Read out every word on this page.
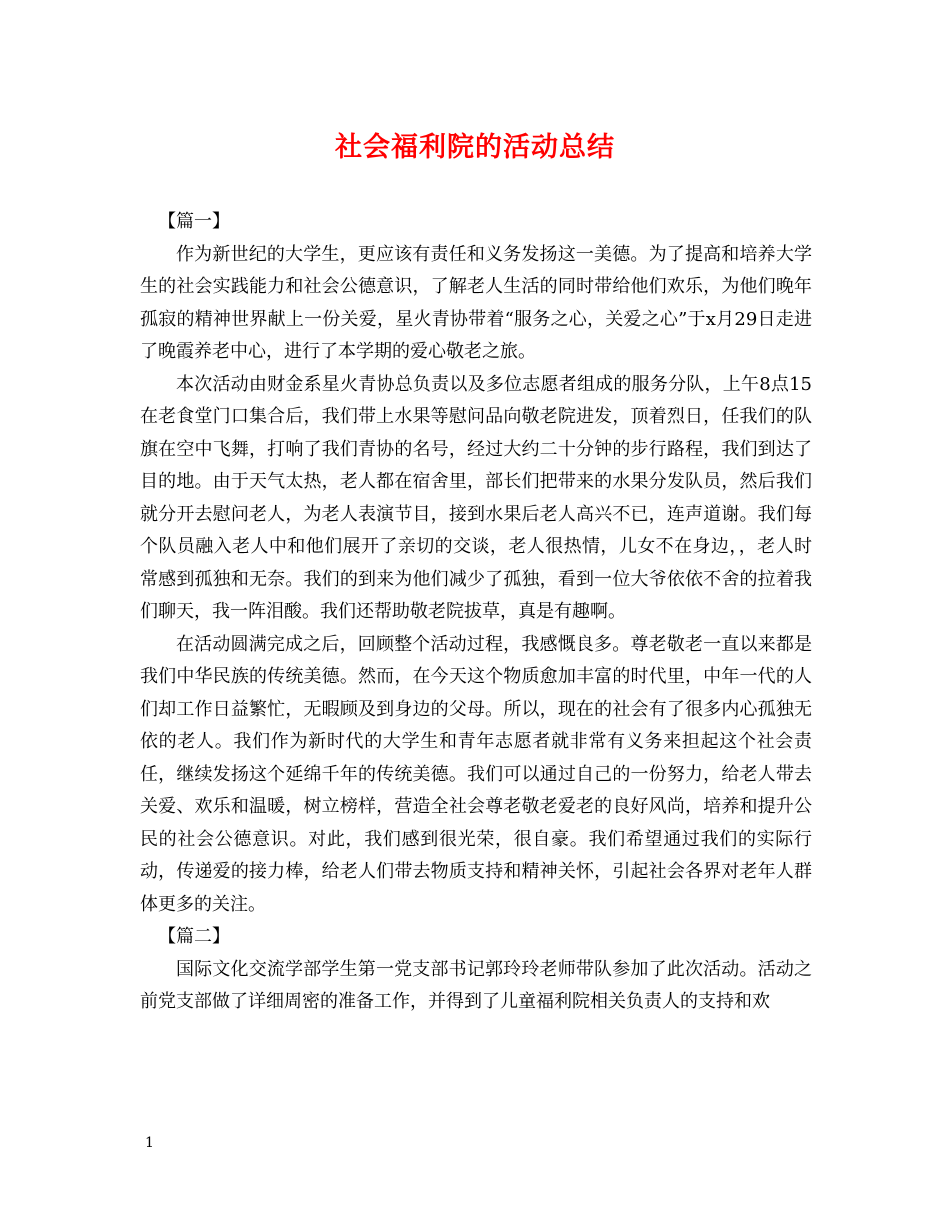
社会福利院的活动总结

【篇一】

作为新世纪的大学生，更应该有责任和义务发扬这一美德。为了提高和培养大学生的社会实践能力和社会公德意识，了解老人生活的同时带给他们欢乐，为他们晚年孤寂的精神世界献上一份关爱，星火青协带着“服务之心，关爱之心”于x月29日走进了晚霞养老中心，进行了本学期的爱心敬老之旅。

本次活动由财金系星火青协总负责以及多位志愿者组成的服务分队，上午8点15在老食堂门口集合后，我们带上水果等慰问品向敬老院进发，顶着烈日，任我们的队旗在空中飞舞，打响了我们青协的名号，经过大约二十分钟的步行路程，我们到达了目的地。由于天气太热，老人都在宿舍里，部长们把带来的水果分发队员，然后我们就分开去慰问老人，为老人表演节目，接到水果后老人高兴不已，连声道谢。我们每个队员融入老人中和他们展开了亲切的交谈，老人很热情，儿女不在身边，，老人时常感到孤独和无奈。我们的到来为他们减少了孤独，看到一位大爷依依不舍的拉着我们聊天，我一阵泪酸。我们还帮助敬老院拔草，真是有趣啊。

在活动圆满完成之后，回顾整个活动过程，我感慨良多。尊老敬老一直以来都是我们中华民族的传统美德。然而，在今天这个物质愈加丰富的时代里，中年一代的人们却工作日益繁忙，无暇顾及到身边的父母。所以，现在的社会有了很多内心孤独无依的老人。我们作为新时代的大学生和青年志愿者就非常有义务来担起这个社会责任，继续发扬这个延绵千年的传统美德。我们可以通过自己的一份努力，给老人带去关爱、欢乐和温暖，树立榜样，营造全社会尊老敬老爱老的良好风尚，培养和提升公民的社会公德意识。对此，我们感到很光荣，很自豪。我们希望通过我们的实际行动，传递爱的接力棒，给老人们带去物质支持和精神关怀，引起社会各界对老年人群体更多的关注。

【篇二】

国际文化交流学部学生第一党支部书记郭玲玲老师带队参加了此次活动。活动之前党支部做了详细周密的准备工作，并得到了儿童福利院相关负责人的支持和欢

1
